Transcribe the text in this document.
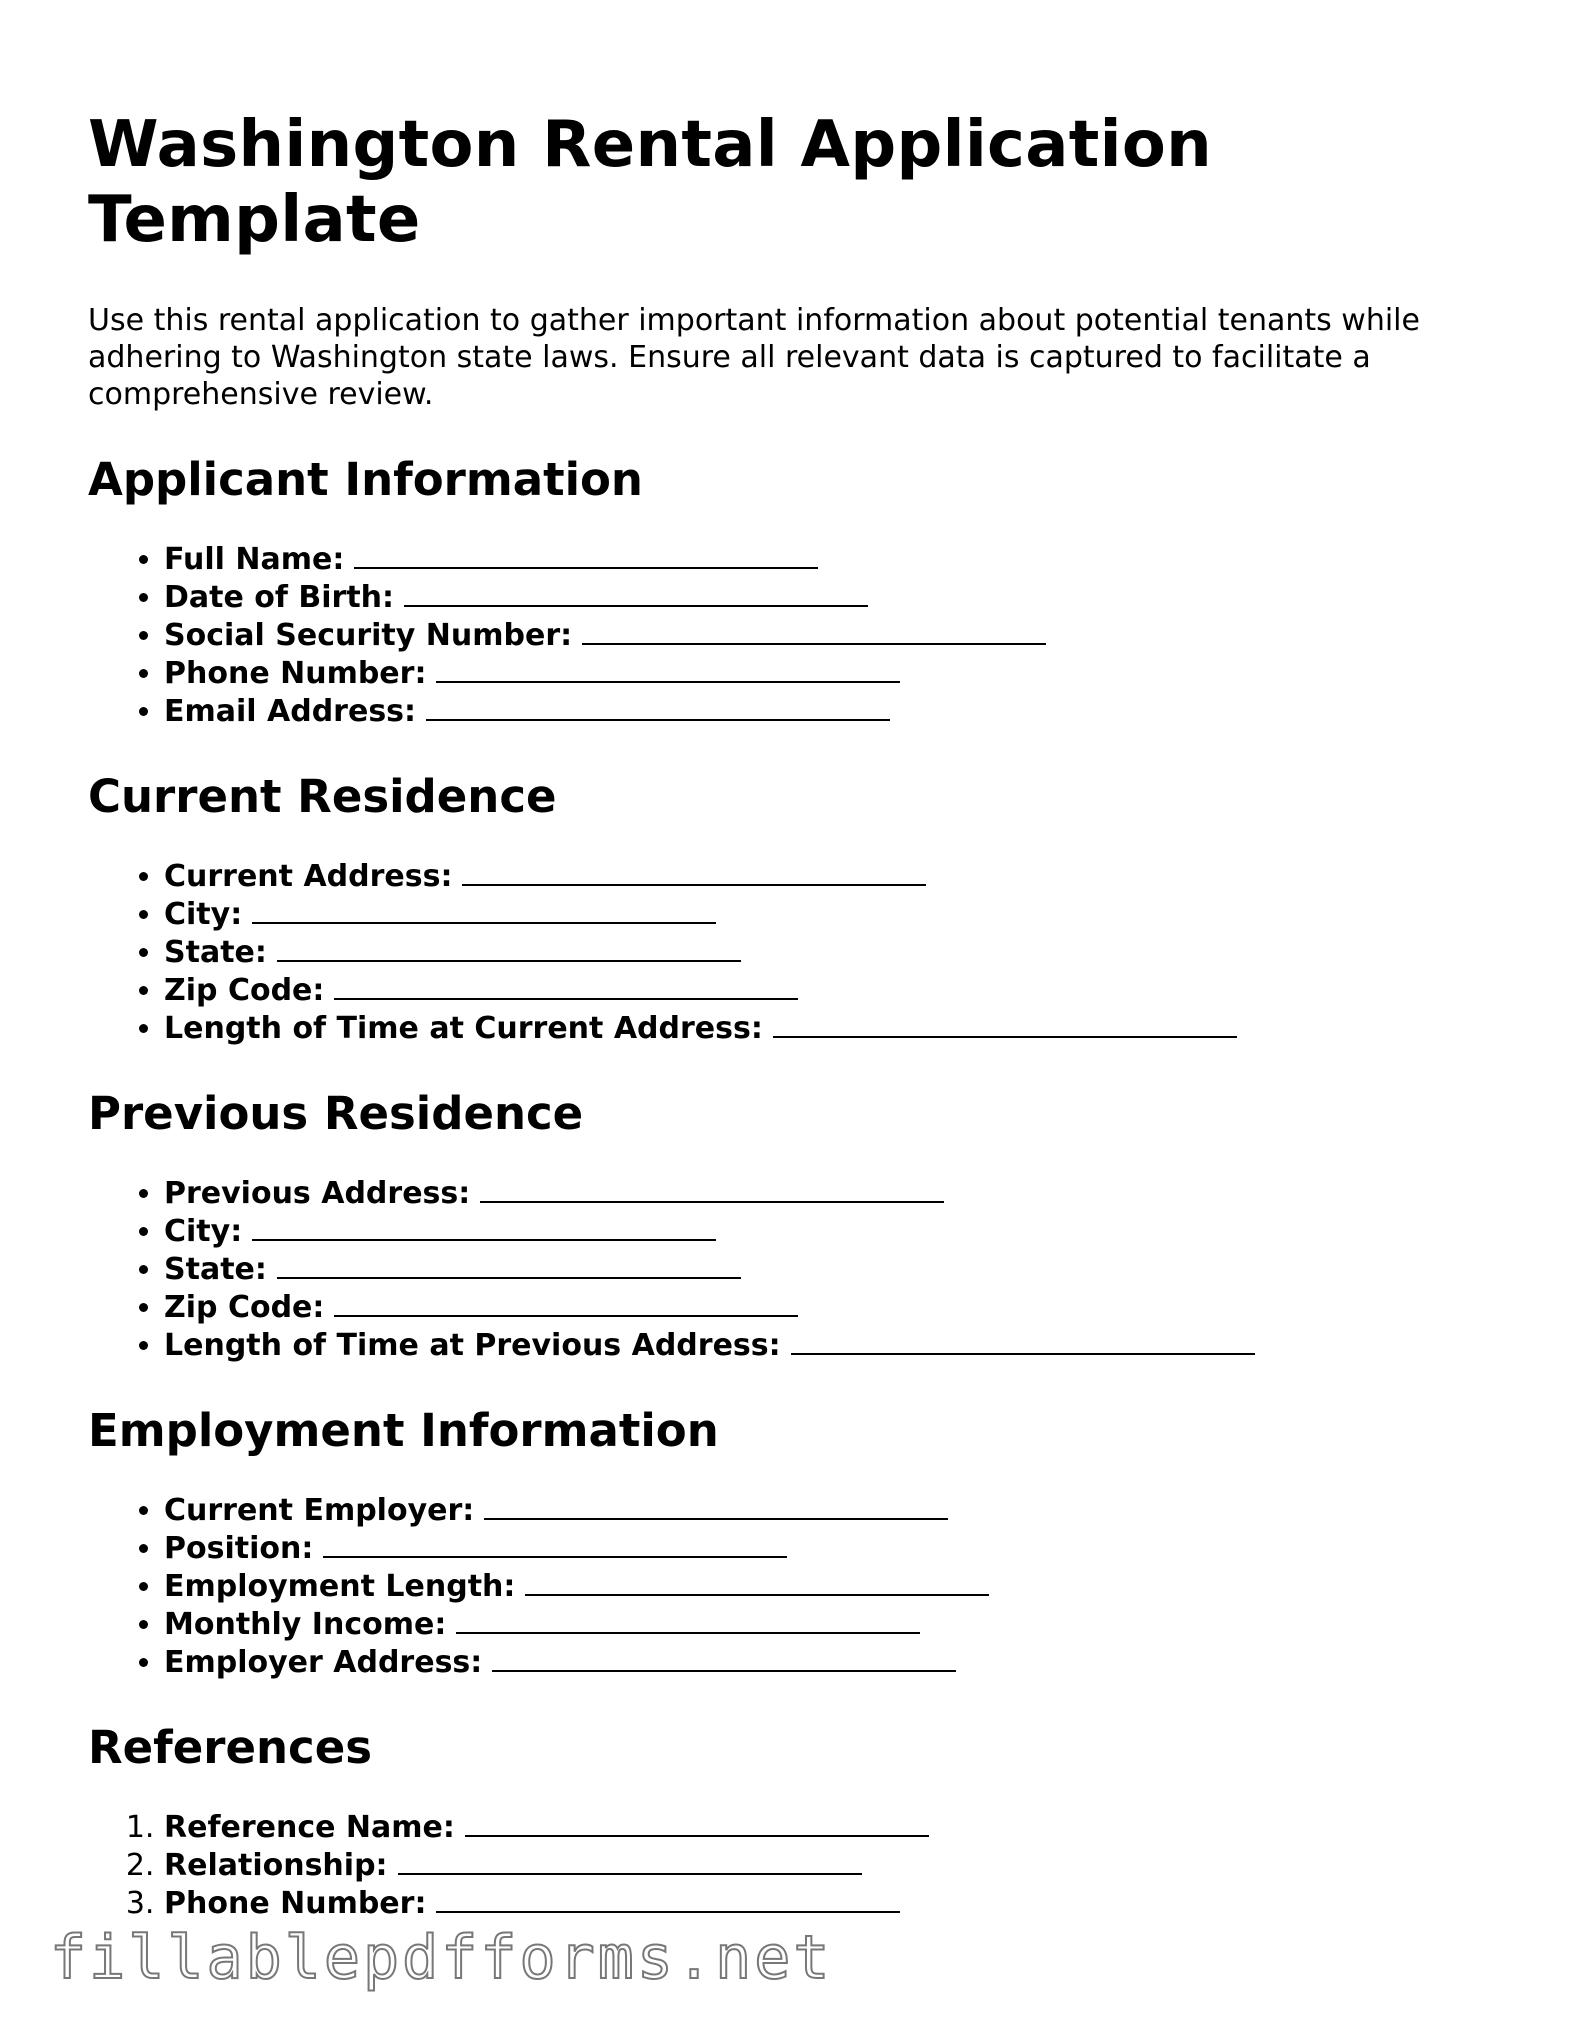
Washington Rental Application Template

Use this rental application to gather important information about potential tenants while adhering to Washington state laws. Ensure all relevant data is captured to facilitate a comprehensive review.

Applicant Information
• Full Name:
• Date of Birth:
• Social Security Number:
• Phone Number:
• Email Address:
Current Residence
• Current Address:
• City:
• State:
• Zip Code:
• Length of Time at Current Address:
Previous Residence
• Previous Address:
• City:
• State:
• Zip Code:
• Length of Time at Previous Address:
Employment Information
• Current Employer:
• Position:
• Employment Length:
• Monthly Income:
• Employer Address:
References
1. Reference Name:
2. Relationship:
3. Phone Number:
fillablepdfforms.net
